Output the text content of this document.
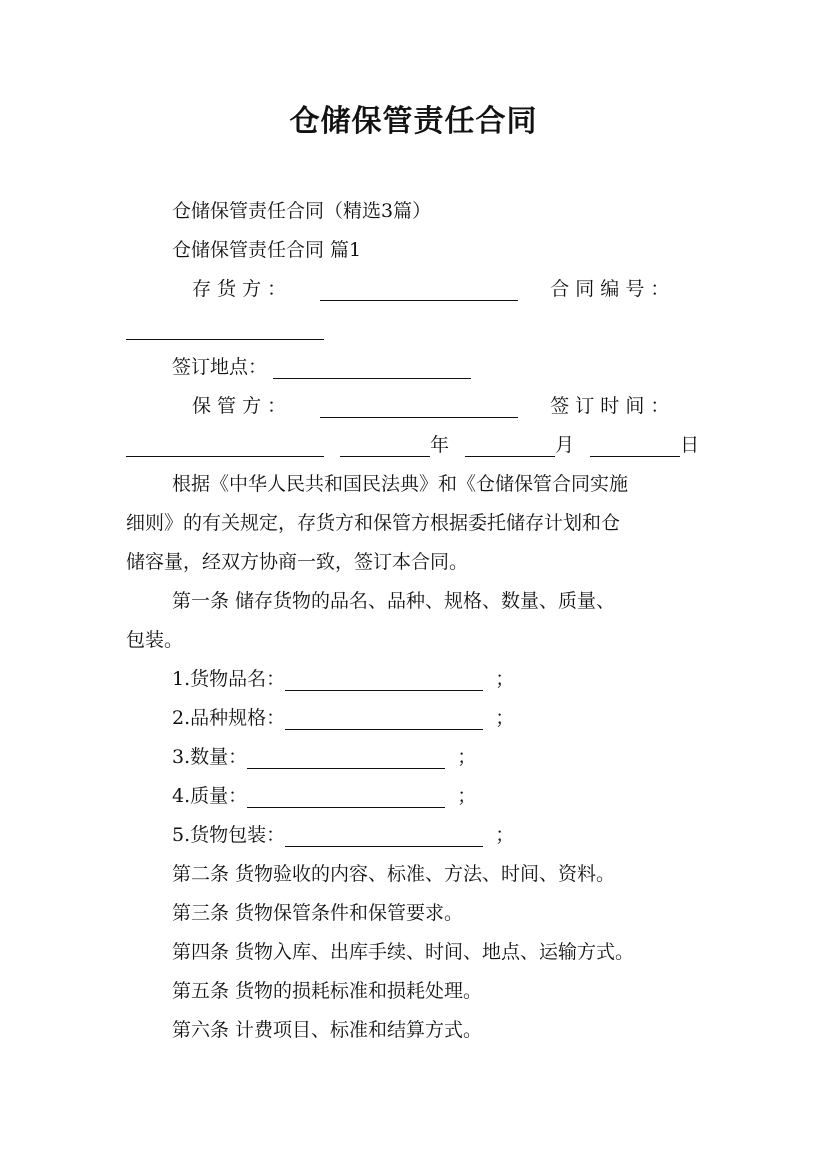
仓储保管责任合同
仓储保管责任合同（精选3篇）
仓储保管责任合同 篇1
存 货 方 ：	合 同 编 号 ：
签订地点：
保 管 方 ：	签 订 时 间 ：
年	月	日
根据《中华人民共和国民法典》和《仓储保管合同实施
细则》的有关规定，存货方和保管方根据委托储存计划和仓
储容量，经双方协商一致，签订本合同。
第一条 储存货物的品名、品种、规格、数量、质量、
包装。
1.货物品名：	；
2.品种规格：	；
3.数量：	；
4.质量：	；
5.货物包装：	；
第二条 货物验收的内容、标准、方法、时间、资料。
第三条 货物保管条件和保管要求。
第四条 货物入库、出库手续、时间、地点、运输方式。
第五条 货物的损耗标准和损耗处理。
第六条 计费项目、标准和结算方式。
